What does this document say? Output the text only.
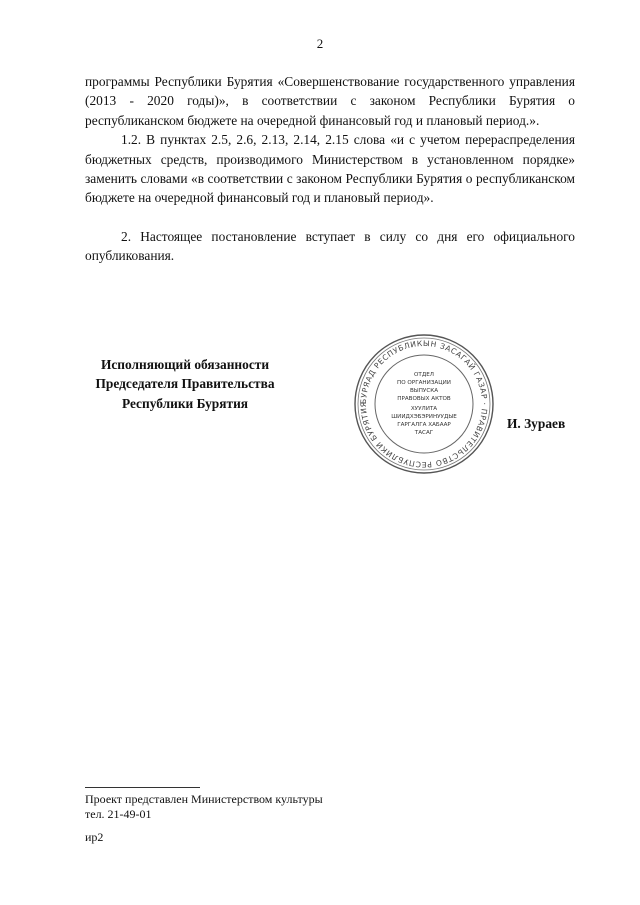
2

программы Республики Бурятия «Совершенствование государственного управления (2013 - 2020 годы)», в соответствии с законом Республики Бурятия о республиканском бюджете на очередной финансовый год и плановый период.».

1.2. В пунктах 2.5, 2.6, 2.13, 2.14, 2.15 слова «и с учетом перераспределения бюджетных средств, производимого Министерством в установленном порядке» заменить словами «в соответствии с законом Республики Бурятия о республиканском бюджете на очередной финансовый год и плановый период».

2. Настоящее постановление вступает в силу со дня его официального опубликования.

Исполняющий обязанности
Председателя Правительства
Республики Бурятия	БУРЯАД РЕСПУБЛИКЫН ЗАСАГАЙ ГАЗАР · ПРАВИТЕЛЬСТВО РЕСПУБЛИКИ БУРЯТИЯ
ОТДЕЛ
ПО ОРГАНИЗАЦИИ
ВЫПУСКА
ПРАВОВЫХ АКТОВ
ХУУЛИТА
ШИИДХЭБЭРИНУУДЫЕ
ГАРГАЛГА ХАБААР
ТАСАГ
И. Зураев
Проект представлен Министерством культуры
тел. 21-49-01
ир2
